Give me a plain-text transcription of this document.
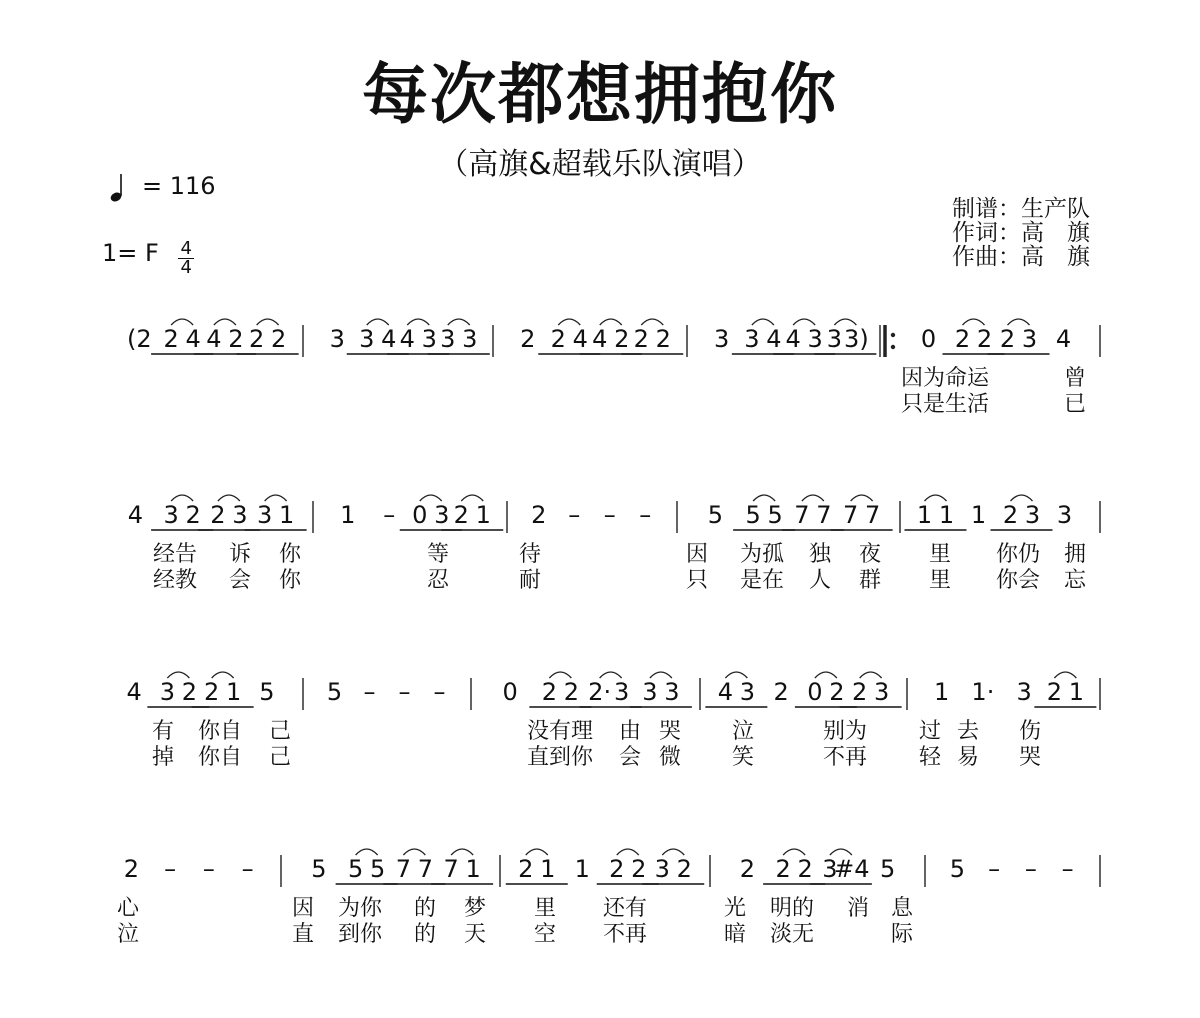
每次都想拥抱你
（高旗&超载乐队演唱）
= 116
1= F $\frac{4}{4}$
制谱：生产队
作词：高　旗
作曲：高　旗
(2 2 4 4 2 2 2 3 3 4 4 3 3 3 2 2 4 4 2 2 2 3 3 4 4 3 3 3) 0 2 2 2 3 4
因为命运	曾
只是生活	已
4 3 2 2 3 3 1 1 – 0 3 2 1 2 – – – 5 5 5 7 7 7 7 1 1 1 2 3 3
经告 诉 你	等	待	因 为孤 独 夜 里 你仍 拥
经教 会 你	忍	耐	只 是在 人 群 里 你会 忘
4 3 2 2 1 5 5 – – – 0 2 2 2· 3 3 3 4 3 2 0 2 2 3 1 1· 3 2 1
有 你自 己	没有理 由 哭 泣	别为 过 去 伤
掉 你自 己	直到你 会 微 笑	不再 轻 易 哭
2 – – – 5 5 5 7 7 7 1 2 1 1 2 2 3 2 2 2 2 3
#4 5 5 – – –
心	因 为你 的 梦 里 还有	光 明的 消 息
泣	直 到你 的 天 空 不再	暗 淡无	际
